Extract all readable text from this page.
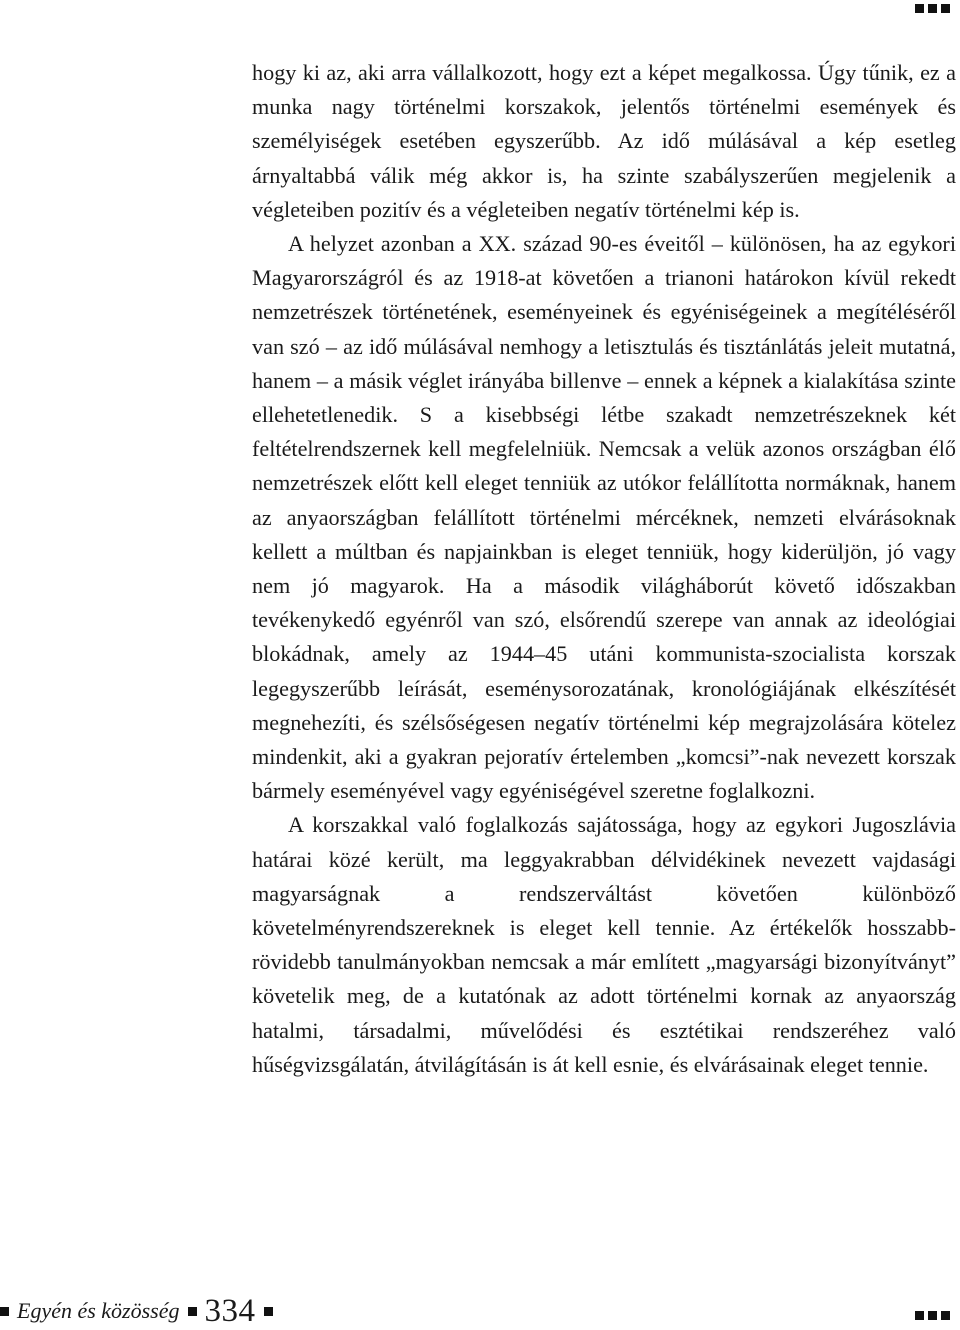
hogy ki az, aki arra vállalkozott, hogy ezt a képet megalkossa. Úgy tűnik, ez a munka nagy történelmi korszakok, jelentős történelmi események és személyiségek esetében egyszerűbb. Az idő múlásával a kép esetleg árnyaltabbá válik még akkor is, ha szinte szabályszerűen megjelenik a végleteiben pozitív és a végleteiben negatív történelmi kép is.

A helyzet azonban a XX. század 90-es éveitől – különösen, ha az egykori Magyarországról és az 1918-at követően a trianoni határokon kívül rekedt nemzetrészek történetének, eseményeinek és egyéniségeinek a megítéléséről van szó – az idő múlásával nemhogy a letisztulás és tisztánlátás jeleit mutatná, hanem – a másik véglet irányába billenve – ennek a képnek a kialakítása szinte ellehetetlenedik. S a kisebbségi létbe szakadt nemzetrészeknek két feltételrendszernek kell megfelelniük. Nemcsak a velük azonos országban élő nemzetrészek előtt kell eleget tenniük az utókor felállította normáknak, hanem az anyaországban felállított történelmi mércéknek, nemzeti elvárásoknak kellett a múltban és napjainkban is eleget tenniük, hogy kiderüljön, jó vagy nem jó magyarok. Ha a második világháborút követő időszakban tevékenykedő egyénről van szó, elsőrendű szerepe van annak az ideológiai blokádnak, amely az 1944–45 utáni kommunista-szocialista korszak legegyszerűbb leírását, eseménysorozatának, kronológiájának elkészítését megnehezíti, és szélsőségesen negatív történelmi kép megrajzolására kötelez mindenkit, aki a gyakran pejoratív értelemben „komcsi”-nak nevezett korszak bármely eseményével vagy egyéniségével szeretne foglalkozni.

A korszakkal való foglalkozás sajátossága, hogy az egykori Jugoszlávia határai közé került, ma leggyakrabban délvidékinek nevezett vajdasági magyarságnak a rendszerváltást követően különböző követelményrendszereknek is eleget kell tennie. Az értékelők hosszabb-rövidebb tanulmányokban nemcsak a már említett „magyarsági bizonyítványt” követelik meg, de a kutatónak az adott történelmi kornak az anyaország hatalmi, társadalmi, művelődési és esztétikai rendszeréhez való hűségvizsgálatán, átvilágításán is át kell esnie, és elvárásainak eleget tennie.

Egyén és közösség 334
